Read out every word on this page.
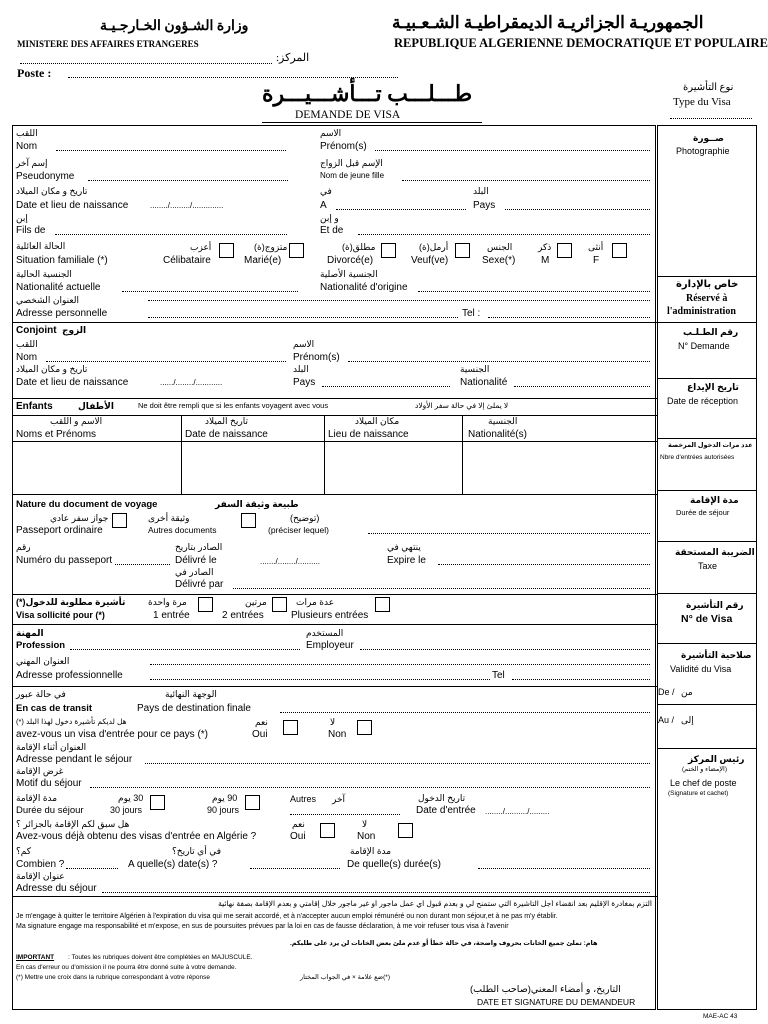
وزارة الشـؤون الخـارجـيـة
MINISTERE DES AFFAIRES ETRANGERES
الجمهوريـة الجزائريـة الديمقراطيـة الشـعـبيـة
REPUBLIQUE ALGERIENNE DEMOCRATIQUE ET POPULAIRE
المركز:
Poste :
طـــلـــب تـــأشـــيـــرة
DEMANDE DE VISA
نوع التأشيرة
Type du Visa
صــورة
Photographie
خاص بالإدارة
Réservé à
l'administration
رقم الطـلـب
N° Demande
تاريخ الإيداع
Date de réception
عدد مرات الدخول المرخصة
Nbre d'entrées autorisées
مدة الإقامة
Durée de séjour
الضريبة المستحقة
Taxe
رقم التأشيرة
N° de Visa
صلاحية التأشيرة
Validité du Visa
De / من
Au / إلى
رئيس المركز
(الإمضاء و الختم)
Le chef de poste
(Signature et cachet)
اللقب
Nom
الاسم
Prénom(s)
إسم آخر
Pseudonyme
الإسم قبل الزواج
Nom de jeune fille
تاريخ و مكان الميلاد
Date et lieu de naissance	......../........./..............
في
A
البلد
Pays
إبن
Fils de
و إبن
Et de
الحالة العائلية
Situation familiale (*)
أعزب
Célibataire
متزوج(ة)
Marié(e)
مطلق(ة)
Divorcé(e)
أرمل(ة)
Veuf(ve)
الجنس
Sexe(*)
ذكر
M
أنثى
F
الجنسية الحالية
Nationalité actuelle
الجنسية الأصلية
Nationalité d'origine
العنوان الشخصي
Adresse personnelle	Tel :
Conjoint الزوج
اللقب
Nom
الاسم
Prénom(s)
تاريخ و مكان الميلاد
Date et lieu de naissance	....../......../............
البلد
Pays
الجنسية
Nationalité
Enfants	الأطفال	Ne doit être rempli que si les enfants voyagent avec vous	لا يملئ إلا في حالة سفر الأولاد
الاسم و اللقب
Noms et Prénoms
تاريخ الميلاد
Date de naissance
مكان الميلاد
Lieu de naissance
الجنسية
Nationalité(s)
Nature du document de voyage	طبيعة وثيقة السفر
جواز سفر عادي
Passeport ordinaire
وثيقة أخرى
Autres documents
(توضيح)
(préciser lequel)
رقم
Numéro du passeport
الصادر بتاريخ
Délivré le	......./......../..........
ينتهي في
Expire le
الصادر في
Délivré par
تأشيرة مطلوبة للدخول(*)
Visa sollicité pour (*)
مرة واحدة
1 entrée
مرتين
2 entrées
عدة مرات
Plusieurs entrées
المهنة
Profession
المستخدم
Employeur
العنوان المهني
Adresse professionnelle	Tel
في حالة عبور
En cas de transit
الوجهة النهائية
Pays de destination finale
هل لديكم تأشيرة دخول لهذا البلد (*)
avez-vous un visa d'entrée pour ce pays (*)
نعم
Oui
لا
Non
العنوان أثناء الإقامة
Adresse pendant le séjour
غرض الإقامة
Motif du séjour
مدة الإقامة
Durée du séjour
30 يوم
30 jours
90 يوم
90 jours
Autres آخر	تاريخ الدخول
Date d'entrée ......../........../.........
هل سبق لكم الإقامة بالجزائر ؟
Avez-vous déjà obtenu des visas d'entrée en Algérie ?
نعم
Oui
لا
Non
كم؟
Combien ?
في أي تاريخ؟
A quelle(s) date(s) ?
مدة الإقامة
De quelle(s) durée(s)
عنوان الإقامة
Adresse du séjour
ألتزم بمغادرة الإقليم بعد انقضاء أجل التأشيرة التي ستمنح لي و بعدم قبول أي عمل مأجور أو غير مأجور خلال إقامتي و بعدم الإقامة بصفة نهائية
Je m'engage à quitter le territoire Algérien à l'expiration du visa qui me serait accordé, et à n'accepter aucun emploi rémunéré ou non durant mon séjour,et à ne pas m'y établir.
Ma signature engage ma responsabilité et m'expose, en sus de poursuites prévues par la loi en cas de fausse déclaration, à me voir refuser tous visa à l'avenir
هام: تملئ جميع الخانات بحروف واضحة، في حالة خطأ أو عدم ملئ بعض الخانات لن يرد على طلبكم.
IMPORTANT : Toutes les rubriques doivent être complétées en MAJUSCULE.
En cas d'erreur ou d'omission il ne pourra être donné suite à votre demande.
(*) Mettre une croix dans la rubrique correspondant à votre réponse	(*)ضع علامة × في الجواب المختار
التاريخ، و أمضاء المعني(صاحب الطلب)
DATE ET SIGNATURE DU DEMANDEUR
MAE-AC 43
